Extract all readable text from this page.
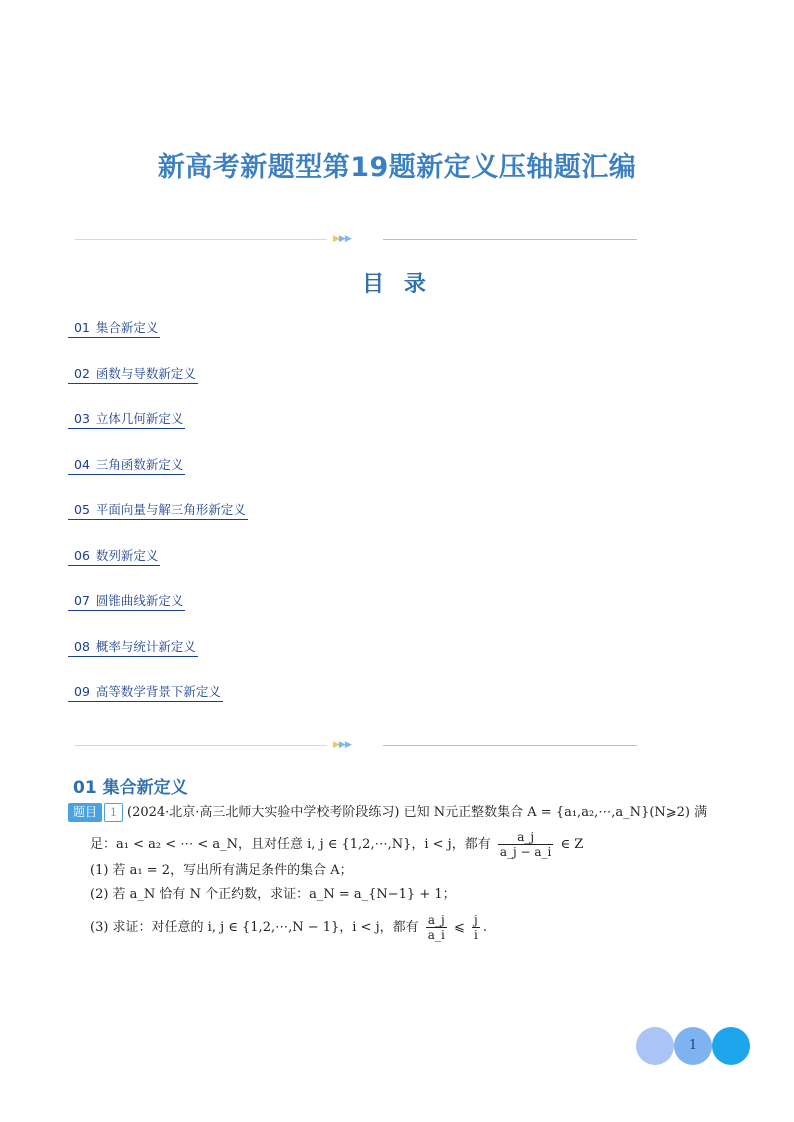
新高考新题型第19题新定义压轴题汇编
▶▶▶
目 录
01 集合新定义
02 函数与导数新定义
03 立体几何新定义
04 三角函数新定义
05 平面向量与解三角形新定义
06 数列新定义
07 圆锥曲线新定义
08 概率与统计新定义
09 高等数学背景下新定义
▶▶▶
01 集合新定义
题目 1 (2024·北京·高三北师大实验中学校考阶段练习) 已知 N元正整数集合 A = {a₁,a₂,⋯,a_N}(N⩾2) 满
足：a₁ < a₂ < ⋯ < a_N，且对任意 i, j ∈ {1,2,⋯,N}，i < j，都有 $\frac{a\_j}{a\_j - a\_i}$ ∈ Z
(1) 若 a₁ = 2，写出所有满足条件的集合 A；
(2) 若 a_N 恰有 N 个正约数，求证：a_N = a_{N−1} + 1；
(3) 求证：对任意的 i, j ∈ {1,2,⋯,N − 1}，i < j，都有 $\frac{a\_j}{a\_i}$ ⩽ $\frac{j}{i}$ .
1
